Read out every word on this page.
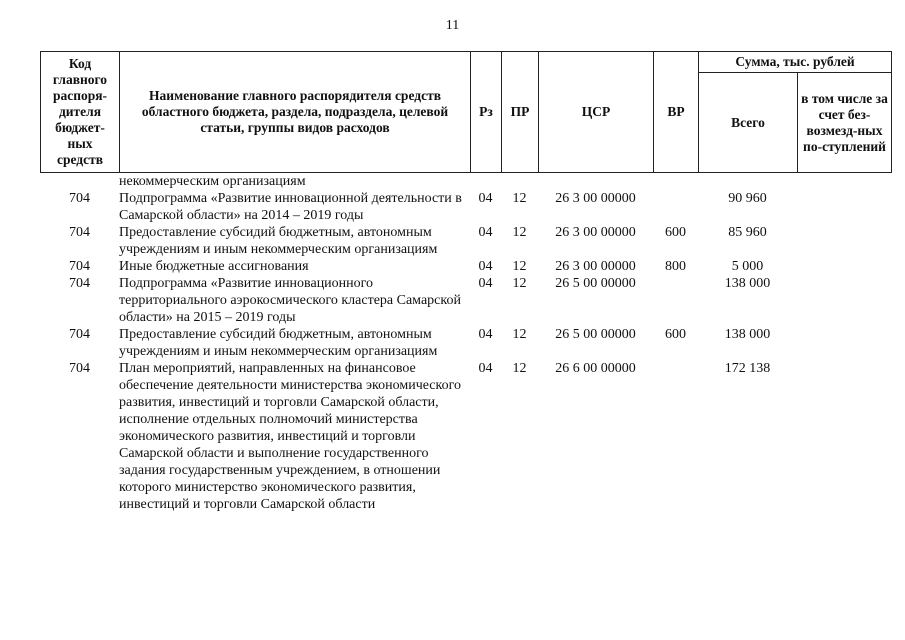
11
Код главного распоря-дителя бюджет-ных средств	Наименование главного распорядителя средств областного бюджета, раздела, подраздела, целевой статьи, группы видов расходов	Рз	ПР	ЦСР	ВР	Сумма, тыс. рублей	
						Всего	в том числе за счет без-возмезд-ных по-ступлений
	некоммерческим организациям						
704	Подпрограмма «Развитие инновационной деятельности в Самарской области» на 2014 – 2019 годы	04	12	26 3 00 00000		90 960	
704	Предоставление субсидий бюджетным, автономным учреждениям и иным некоммерческим организациям	04	12	26 3 00 00000	600	85 960	
704	Иные бюджетные ассигнования	04	12	26 3 00 00000	800	5 000	
704	Подпрограмма «Развитие инновационного территориального аэрокосмического кластера Самарской области» на 2015 – 2019 годы	04	12	26 5 00 00000		138 000	
704	Предоставление субсидий бюджетным, автономным учреждениям и иным некоммерческим организациям	04	12	26 5 00 00000	600	138 000	
704	План мероприятий, направленных на финансовое обеспечение деятельности министерства экономического развития, инвестиций и торговли Самарской области, исполнение отдельных полномочий министерства экономического развития, инвестиций и торговли Самарской области и выполнение государственного задания государственным учреждением, в отношении которого министерство экономического развития, инвестиций и торговли Самарской области	04	12	26 6 00 00000		172 138	
